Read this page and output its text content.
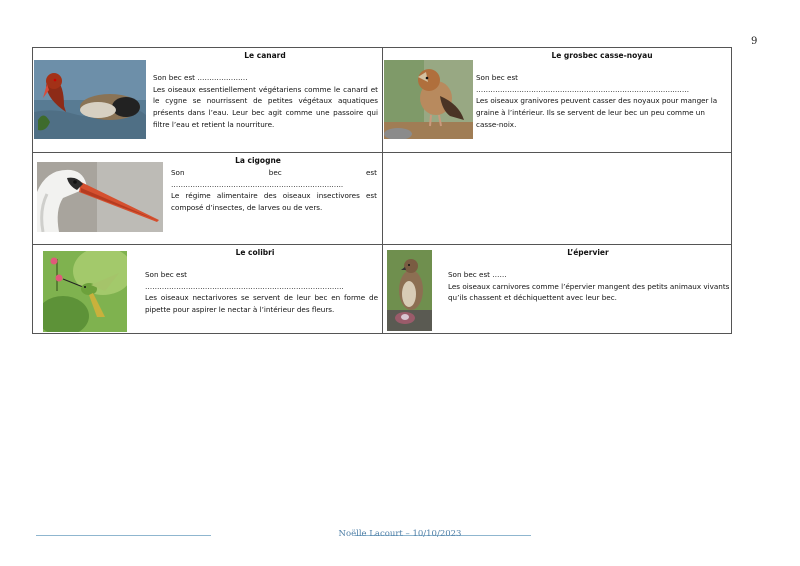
9
Le canard

Son bec est …………………

Les oiseaux essentiellement végétariens comme le canard et le cygne se nourrissent de petites végétaux aquatiques présents dans l’eau. Leur bec agit comme une passoire qui filtre l’eau et retient la nourriture.

Le grosbec casse-noyau

Son bec est ………………………………………………………………………..……

Les oiseaux granivores peuvent casser des noyaux pour manger la graine à l’intérieur. Ils se servent de leur bec un peu comme un casse-noix.

La cigogne
Son	bec	est

………………………………………………………….…..

Le régime alimentaire des oiseaux insectivores est composé d’insectes, de larves ou de vers.

Le colibri

Son bec est ………………………………………………………………………..

Les oiseaux nectarivores se servent de leur bec en forme de pipette pour aspirer le nectar à l’intérieur des fleurs.

L’épervier

Son bec est ……

Les oiseaux carnivores comme l’épervier mangent des petits animaux vivants qu’ils chassent et déchiquettent avec leur bec.

Noëlle Lacourt – 10/10/2023
